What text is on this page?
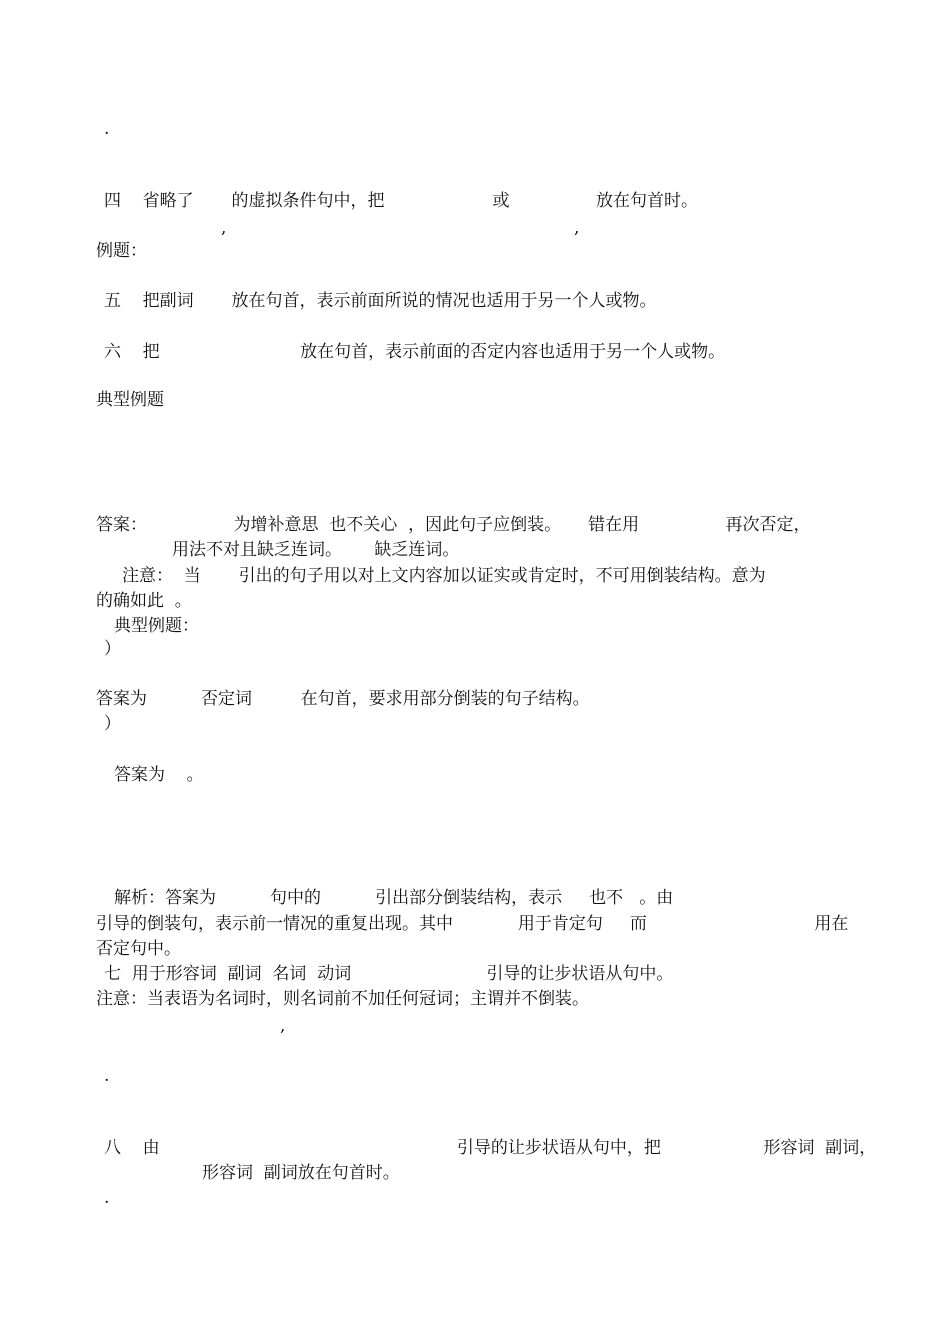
.
四    省略了       的虚拟条件句中，把                    或                放在句首时。
,	,
例题：
五    把副词       放在句首，表示前面所说的情况也适用于另一个人或物。
六    把                          放在句首，表示前面的否定内容也适用于另一个人或物。
典型例题
答案：                为增补意思  也不关心  ，因此句子应倒装。     错在用                再次否定，
用法不对且缺乏连词。      缺乏连词。
注意：  当       引出的句子用以对上文内容加以证实或肯定时，不可用倒装结构。意为
的确如此  。
典型例题：
）
答案为          否定词         在句首，要求用部分倒装的句子结构。
）
答案为    。
解析：答案为          句中的          引出部分倒装结构，表示     也不   。由
引导的倒装句，表示前一情况的重复出现。其中            用于肯定句     而                               用在
否定句中。
七  用于形容词  副词  名词  动词                         引导的让步状语从句中。
注意：当表语为名词时，则名词前不加任何冠词；主谓并不倒装。
,
.
八    由                                                       引导的让步状语从句中，把                   形容词  副词，
形容词  副词放在句首时。
.
